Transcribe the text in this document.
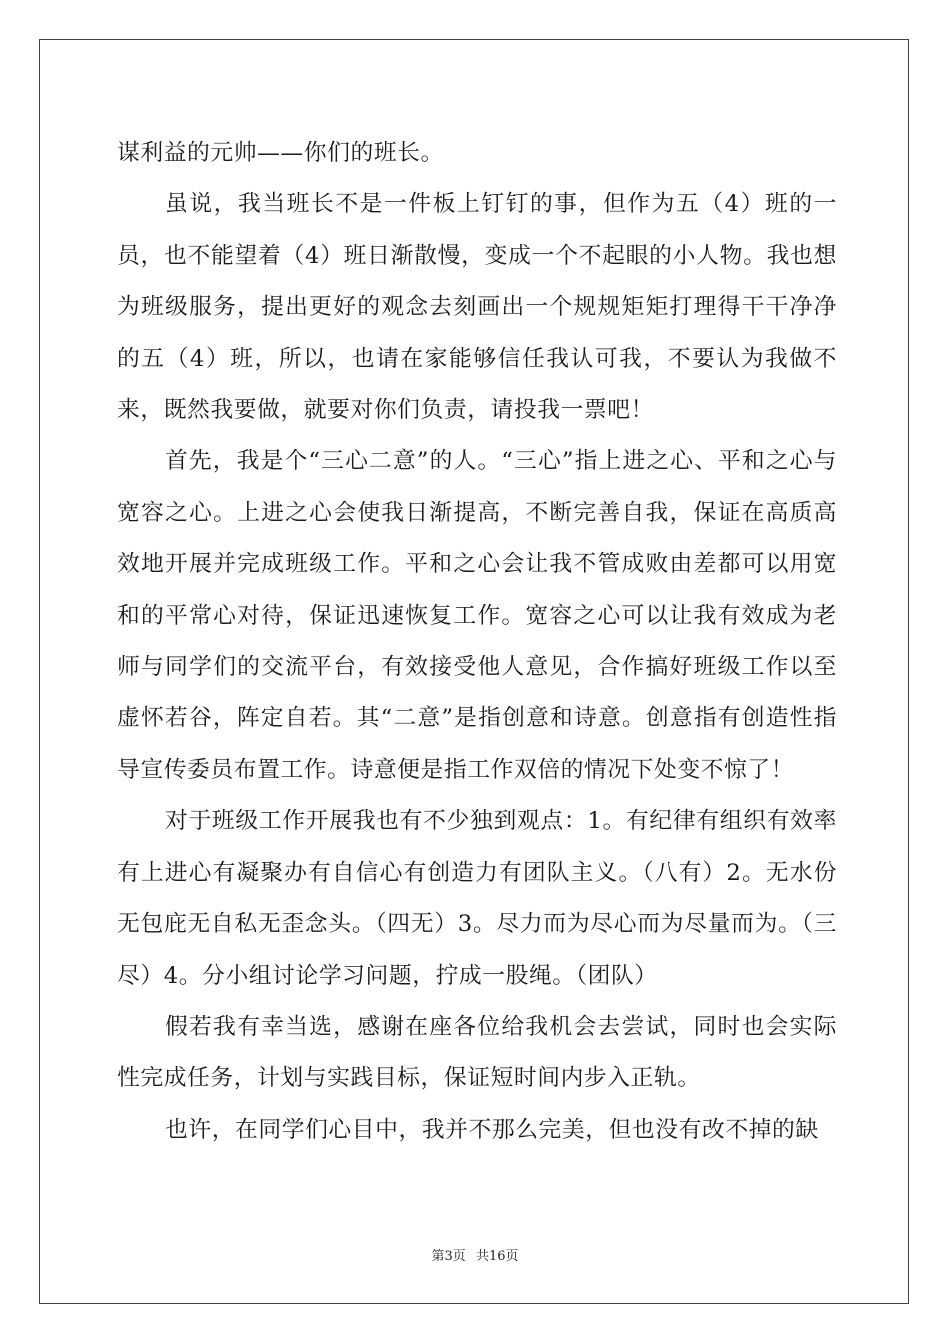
谋利益的元帅——你们的班长。

虽说，我当班长不是一件板上钉钉的事，但作为五（4）班的一员，也不能望着（4）班日渐散慢，变成一个不起眼的小人物。我也想为班级服务，提出更好的观念去刻画出一个规规矩矩打理得干干净净的五（4）班，所以，也请在家能够信任我认可我，不要认为我做不来，既然我要做，就要对你们负责，请投我一票吧！

首先，我是个“三心二意”的人。“三心”指上进之心、平和之心与宽容之心。上进之心会使我日渐提高，不断完善自我，保证在高质高效地开展并完成班级工作。平和之心会让我不管成败由差都可以用宽和的平常心对待，保证迅速恢复工作。宽容之心可以让我有效成为老师与同学们的交流平台，有效接受他人意见，合作搞好班级工作以至虚怀若谷，阵定自若。其“二意”是指创意和诗意。创意指有创造性指导宣传委员布置工作。诗意便是指工作双倍的情况下处变不惊了！

对于班级工作开展我也有不少独到观点：1。有纪律有组织有效率有上进心有凝聚办有自信心有创造力有团队主义。（八有）2。无水份无包庇无自私无歪念头。（四无）3。尽力而为尽心而为尽量而为。（三尽）4。分小组讨论学习问题，拧成一股绳。（团队）

假若我有幸当选，感谢在座各位给我机会去尝试，同时也会实际性完成任务，计划与实践目标，保证短时间内步入正轨。

也许，在同学们心目中，我并不那么完美，但也没有改不掉的缺

第3页 共16页
